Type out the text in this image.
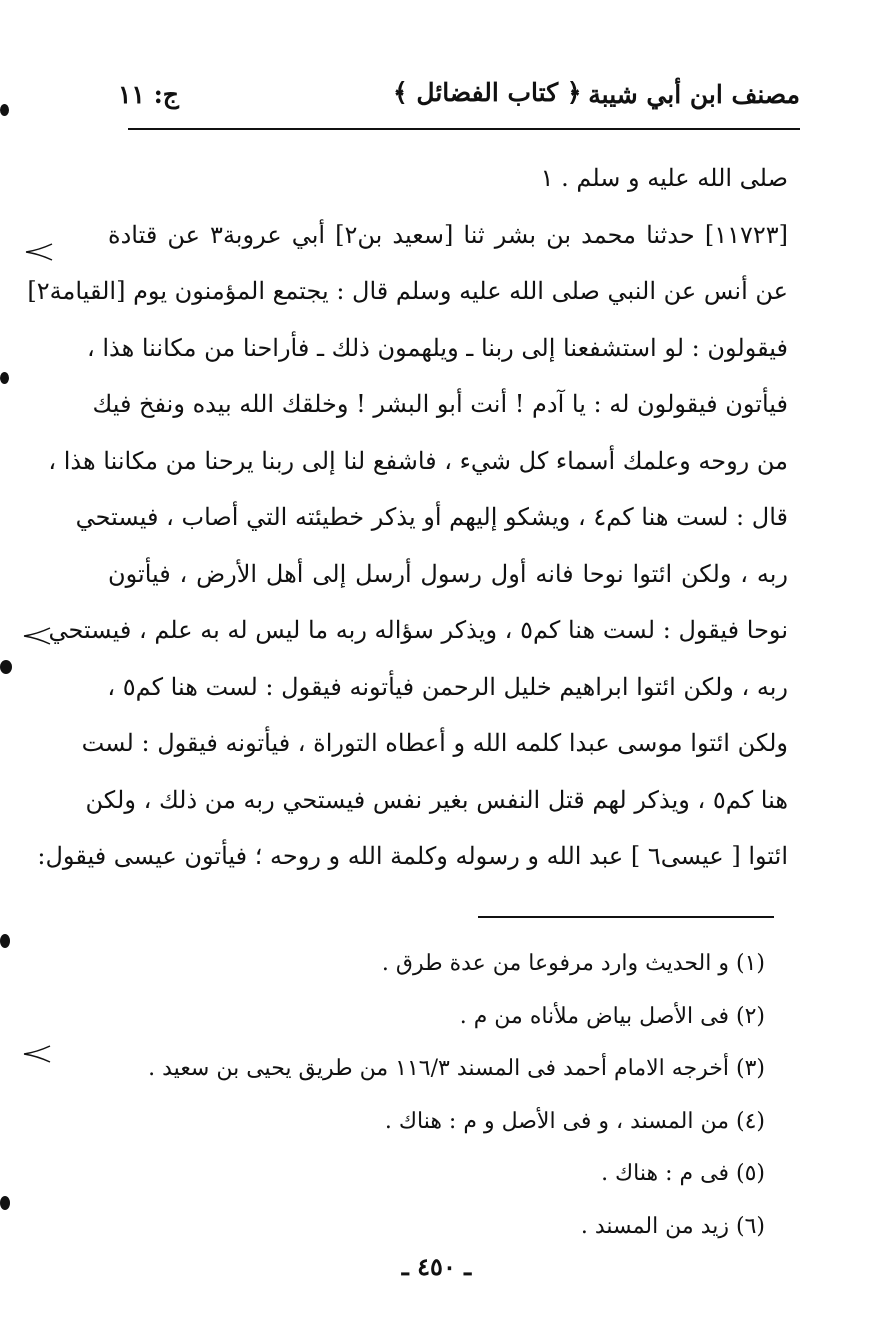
مصنف ابن أبي شيبة
﴿ كتاب الفضائل ﴾
ج: ١١
صلى الله عليه و سلم . ١
[١١٧٢٣] حدثنا محمد بن بشر ثنا [سعيد بن٢] أبي عروبة٣ عن قتادة
عن أنس عن النبي صلى الله عليه وسلم قال : يجتمع المؤمنون يوم [القيامة٢]
فيقولون : لو استشفعنا إلى ربنا ـ ويلهمون ذلك ـ فأراحنا من مكاننا هذا ،
فيأتون فيقولون له : يا آدم ! أنت أبو البشر ! وخلقك الله بيده ونفخ فيك
من روحه وعلمك أسماء كل شيء ، فاشفع لنا إلى ربنا يرحنا من مكاننا هذا ،
قال : لست هنا كم٤ ، ويشكو إليهم أو يذكر خطيئته التي أصاب ، فيستحي
ربه ، ولكن ائتوا نوحا فانه أول رسول أرسل إلى أهل الأرض ، فيأتون
نوحا فيقول : لست هنا كم٥ ، ويذكر سؤاله ربه ما ليس له به علم ، فيستحي
ربه ، ولكن ائتوا ابراهيم خليل الرحمن فيأتونه فيقول : لست هنا كم٥ ،
ولكن ائتوا موسى عبدا كلمه الله و أعطاه التوراة ، فيأتونه فيقول : لست
هنا كم٥ ، ويذكر لهم قتل النفس بغير نفس فيستحي ربه من ذلك ، ولكن
ائتوا [ عيسى٦ ] عبد الله و رسوله وكلمة الله و روحه ؛ فيأتون عيسى فيقول:
(١) و الحديث وارد مرفوعا من عدة طرق .
(٢) فى الأصل بياض ملأناه من م .
(٣) أخرجه الامام أحمد فى المسند ١١٦/٣ من طريق يحيى بن سعيد .
(٤) من المسند ، و فى الأصل و م : هناك .
(٥) فى م : هناك .
(٦) زيد من المسند .
ـ ٤٥٠ ـ
